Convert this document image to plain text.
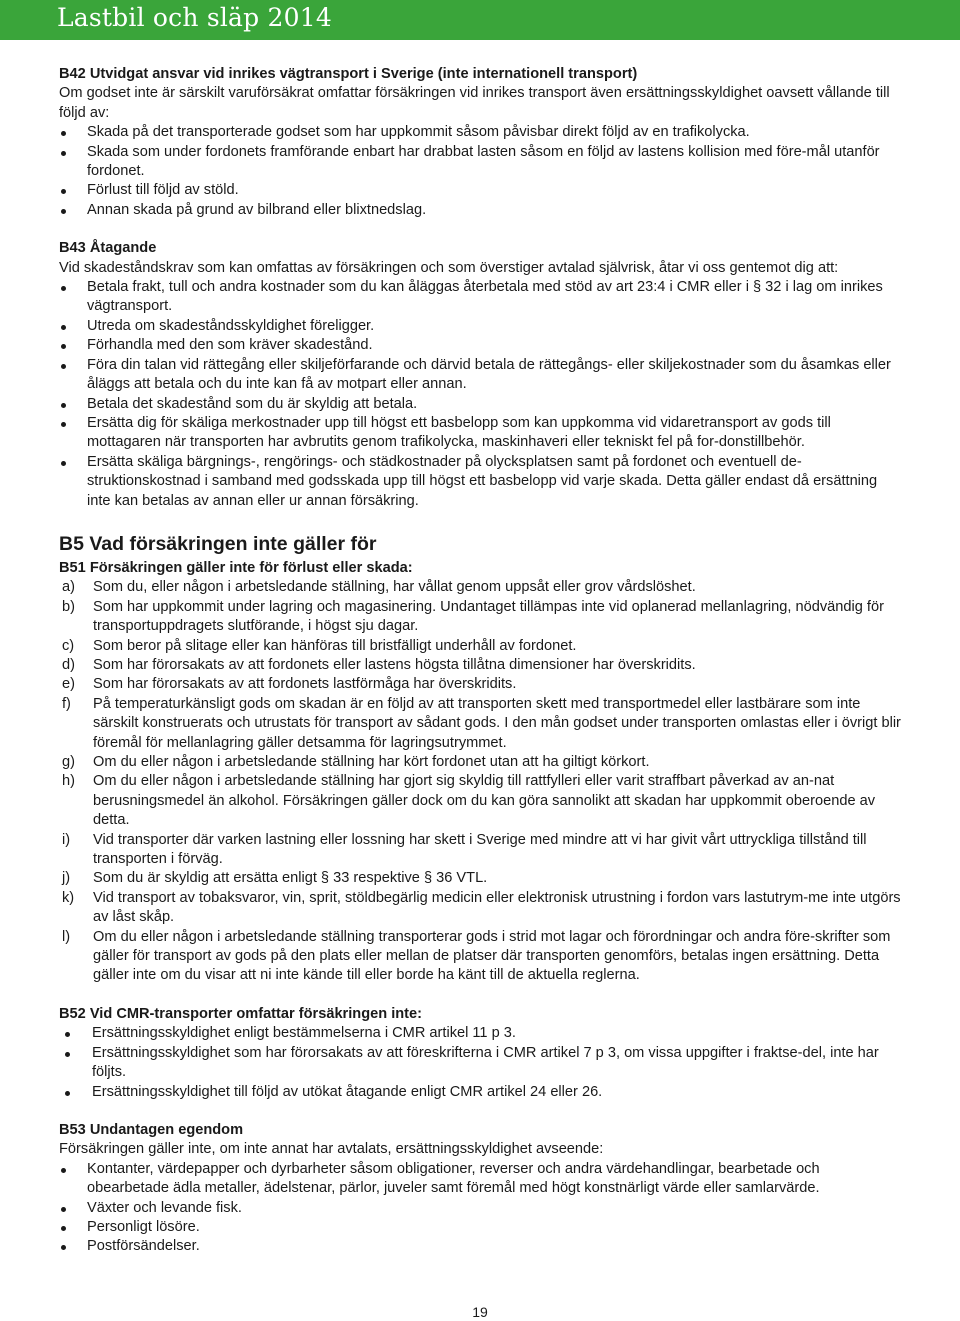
Lastbil och släp 2014
B42 Utvidgat ansvar vid inrikes vägtransport i Sverige (inte internationell transport)
Om godset inte är särskilt varuförsäkrat omfattar försäkringen vid inrikes transport även ersättningsskyldighet oavsett vållande till följd av:
Skada på det transporterade godset som har uppkommit såsom påvisbar direkt följd av en trafikolycka.
Skada som under fordonets framförande enbart har drabbat lasten såsom en följd av lastens kollision med före-mål utanför fordonet.
Förlust till följd av stöld.
Annan skada på grund av bilbrand eller blixtnedslag.
B43 Åtagande
Vid skadeståndskrav som kan omfattas av försäkringen och som överstiger avtalad självrisk, åtar vi oss gentemot dig att:
Betala frakt, tull och andra kostnader som du kan åläggas återbetala med stöd av art 23:4 i CMR eller i § 32 i lag om inrikes vägtransport.
Utreda om skadeståndsskyldighet föreligger.
Förhandla med den som kräver skadestånd.
Föra din talan vid rättegång eller skiljeförfarande och därvid betala de rättegångs- eller skiljekostnader som du åsamkas eller åläggs att betala och du inte kan få av motpart eller annan.
Betala det skadestånd som du är skyldig att betala.
Ersätta dig för skäliga merkostnader upp till högst ett basbelopp som kan uppkomma vid vidaretransport av gods till mottagaren när transporten har avbrutits genom trafikolycka, maskinhaveri eller tekniskt fel på for-donstillbehör.
Ersätta skäliga bärgnings-, rengörings- och städkostnader på olycksplatsen samt på fordonet och eventuell de-struktionskostnad i samband med godsskada upp till högst ett basbelopp vid varje skada. Detta gäller endast då ersättning inte kan betalas av annan eller ur annan försäkring.
B5 Vad försäkringen inte gäller för
B51 Försäkringen gäller inte för förlust eller skada:
a) Som du, eller någon i arbetsledande ställning, har vållat genom uppsåt eller grov vårdslöshet.
b) Som har uppkommit under lagring och magasinering. Undantaget tillämpas inte vid oplanerad mellanlagring, nödvändig för transportuppdragets slutförande, i högst sju dagar.
c) Som beror på slitage eller kan hänföras till bristfälligt underhåll av fordonet.
d) Som har förorsakats av att fordonets eller lastens högsta tillåtna dimensioner har överskridits.
e) Som har förorsakats av att fordonets lastförmåga har överskridits.
f) På temperaturkänsligt gods om skadan är en följd av att transporten skett med transportmedel eller lastbärare som inte särskilt konstruerats och utrustats för transport av sådant gods. I den mån godset under transporten omlastas eller i övrigt blir föremål för mellanlagring gäller detsamma för lagringsutrymmet.
g) Om du eller någon i arbetsledande ställning har kört fordonet utan att ha giltigt körkort.
h) Om du eller någon i arbetsledande ställning har gjort sig skyldig till rattfylleri eller varit straffbart påverkad av an-nat berusningsmedel än alkohol. Försäkringen gäller dock om du kan göra sannolikt att skadan har uppkommit oberoende av detta.
i) Vid transporter där varken lastning eller lossning har skett i Sverige med mindre att vi har givit vårt uttryckliga tillstånd till transporten i förväg.
j) Som du är skyldig att ersätta enligt § 33 respektive § 36 VTL.
k) Vid transport av tobaksvaror, vin, sprit, stöldbegärlig medicin eller elektronisk utrustning i fordon vars lastutrym-me inte utgörs av låst skåp.
l) Om du eller någon i arbetsledande ställning transporterar gods i strid mot lagar och förordningar och andra före-skrifter som gäller för transport av gods på den plats eller mellan de platser där transporten genomförs, betalas ingen ersättning. Detta gäller inte om du visar att ni inte kände till eller borde ha känt till de aktuella reglerna.
B52 Vid CMR-transporter omfattar försäkringen inte:
Ersättningsskyldighet enligt bestämmelserna i CMR artikel 11 p 3.
Ersättningsskyldighet som har förorsakats av att föreskrifterna i CMR artikel 7 p 3, om vissa uppgifter i fraktse-del, inte har följts.
Ersättningsskyldighet till följd av utökat åtagande enligt CMR artikel 24 eller 26.
B53 Undantagen egendom
Försäkringen gäller inte, om inte annat har avtalats, ersättningsskyldighet avseende:
Kontanter, värdepapper och dyrbarheter såsom obligationer, reverser och andra värdehandlingar, bearbetade och obearbetade ädla metaller, ädelstenar, pärlor, juveler samt föremål med högt konstnärligt värde eller samlarvärde.
Växter och levande fisk.
Personligt lösöre.
Postförsändelser.
19
